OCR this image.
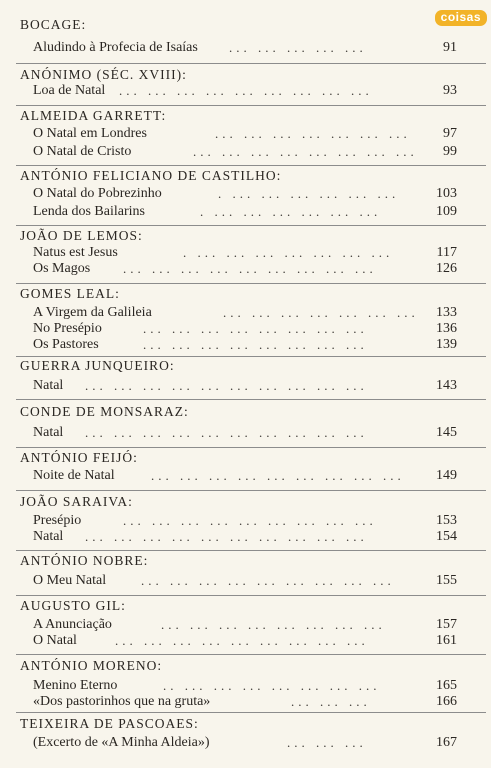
coisas
BOCAGE:
Aludindo à Profecia de Isaías ... ... ... ... ...	91
ANÓNIMO (SÉC. XVIII):
Loa de Natal ... ... ... ... ... ... ... ... ...	93
ALMEIDA GARRETT:
O Natal em Londres	... ... ... ... ... ... ... 97
O Natal de Cristo	... ... ... ... ... ... ... ... 99
ANTÓNIO FELICIANO DE CASTILHO:
O Natal do Pobrezinho	. ... ... ... ... ... ...	103
Lenda dos Bailarins	. ... ... ... ... ... ...	109
JOÃO DE LEMOS:
Natus est Jesus	. ... ... ... ... ... ... ...	117
Os Magos	... ... ... ... ... ... ... ... ...	126
GOMES LEAL:
A Virgem da Galileia	... ... ... ... ... ... ... 133
No Presépio	... ... ... ... ... ... ... ...	136
Os Pastores	... ... ... ... ... ... ... ...	139
GUERRA JUNQUEIRO:
Natal ... ... ... ... ... ... ... ... ... ...	143
CONDE DE MONSARAZ:
Natal ... ... ... ... ... ... ... ... ... ...	145
ANTÓNIO FEIJÓ:
Noite de Natal	... ... ... ... ... ... ... ... ... 149
JOÃO SARAIVA:
Presépio	... ... ... ... ... ... ... ... ...	153
Natal ... ... ... ... ... ... ... ... ... ...	154
ANTÓNIO NOBRE:
O Meu Natal	... ... ... ... ... ... ... ... ...	155
AUGUSTO GIL:
A Anunciação	... ... ... ... ... ... ... ...	157
O Natal	... ... ... ... ... ... ... ... ...	161
ANTÓNIO MORENO:
Menino Eterno	.. ... ... ... ... ... ... ...	165
«Dos pastorinhos que na gruta»	... ... ...	166
TEIXEIRA DE PASCOAES:
(Excerto de «A Minha Aldeia»)	... ... ...	167
